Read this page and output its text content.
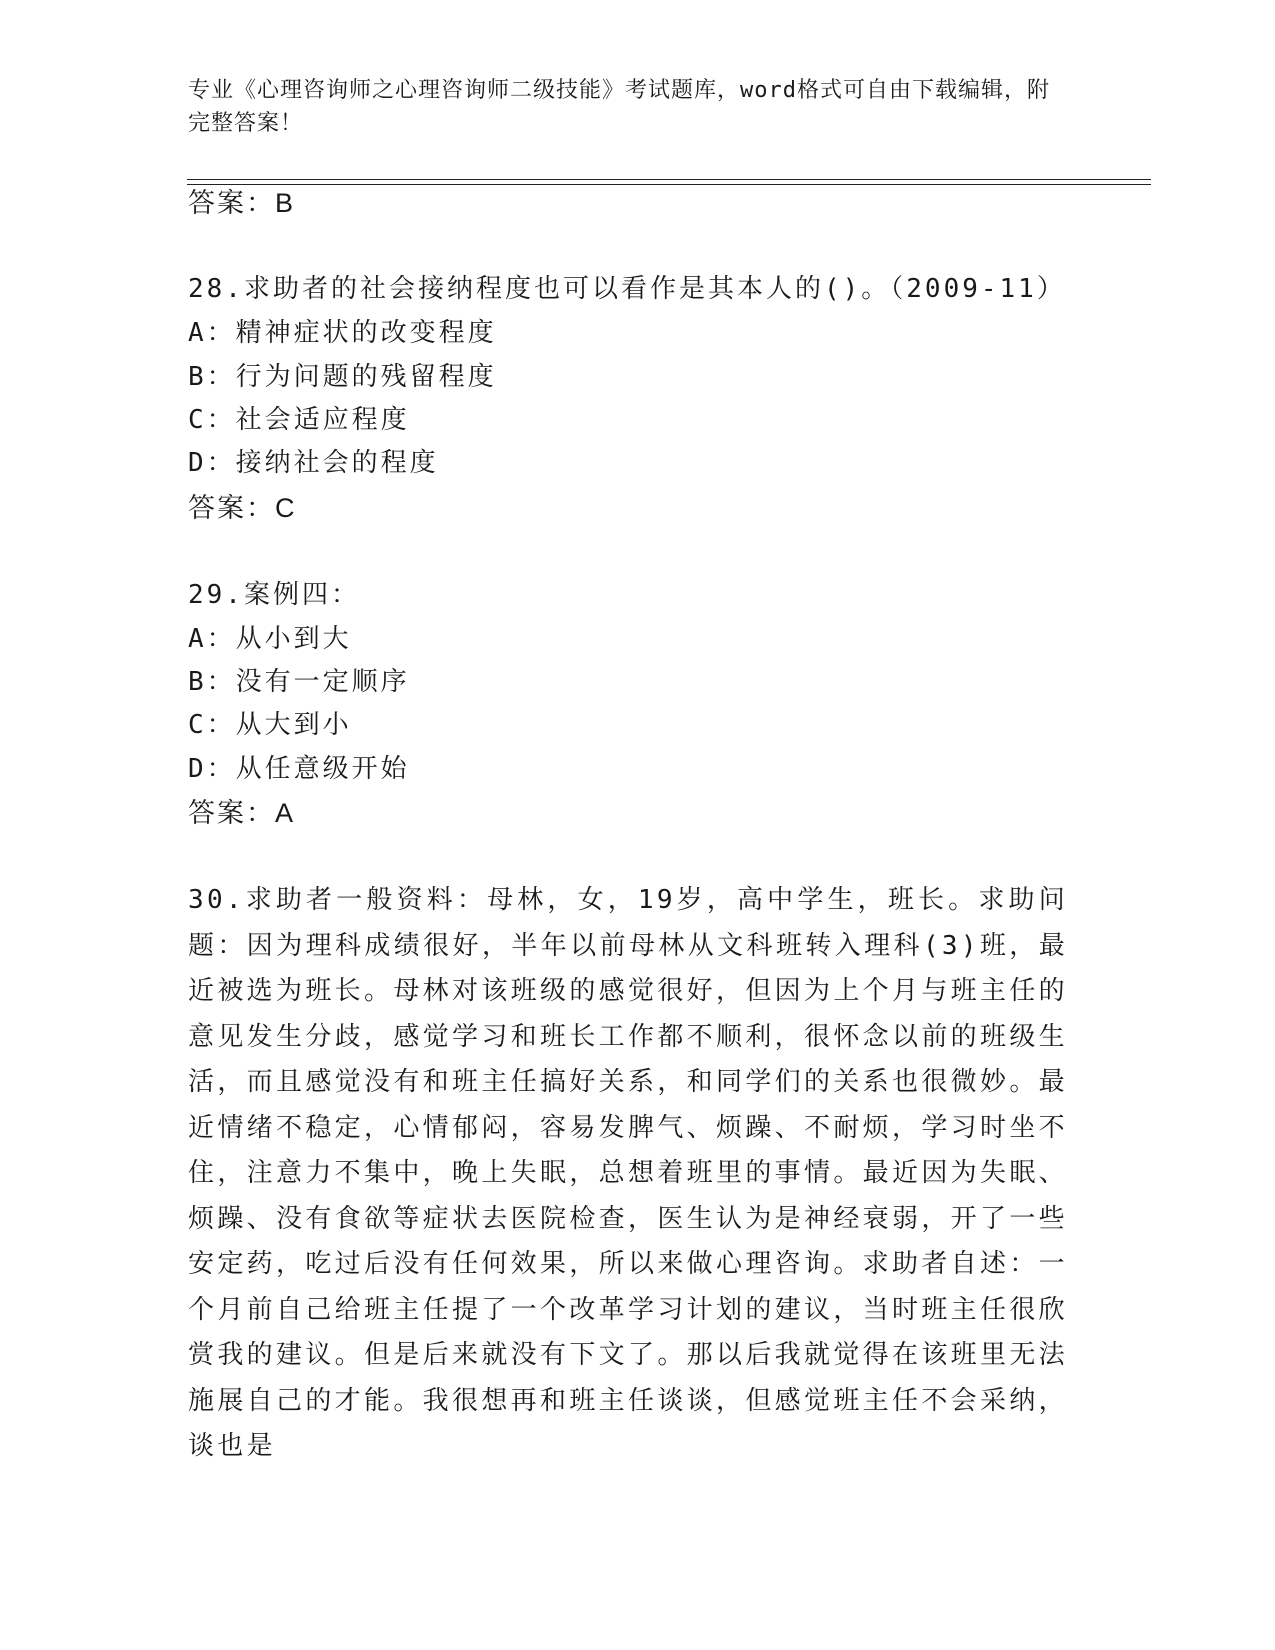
专业《心理咨询师之心理咨询师二级技能》考试题库，word格式可自由下载编辑，附完整答案！
答案：B
28.求助者的社会接纳程度也可以看作是其本人的()。（2009-11）
A：精神症状的改变程度
B：行为问题的残留程度
C：社会适应程度
D：接纳社会的程度
答案：C
29.案例四：
A：从小到大
B：没有一定顺序
C：从大到小
D：从任意级开始
答案：A
30.求助者一般资料：母林，女，19岁，高中学生，班长。求助问题：因为理科成绩很好，半年以前母林从文科班转入理科(3)班，最近被选为班长。母林对该班级的感觉很好，但因为上个月与班主任的意见发生分歧，感觉学习和班长工作都不顺利，很怀念以前的班级生活，而且感觉没有和班主任搞好关系，和同学们的关系也很微妙。最近情绪不稳定，心情郁闷，容易发脾气、烦躁、不耐烦，学习时坐不住，注意力不集中，晚上失眠，总想着班里的事情。最近因为失眠、烦躁、没有食欲等症状去医院检查，医生认为是神经衰弱，开了一些安定药，吃过后没有任何效果，所以来做心理咨询。求助者自述：一个月前自己给班主任提了一个改革学习计划的建议，当时班主任很欣赏我的建议。但是后来就没有下文了。那以后我就觉得在该班里无法施展自己的才能。我很想再和班主任谈谈，但感觉班主任不会采纳，谈也是
